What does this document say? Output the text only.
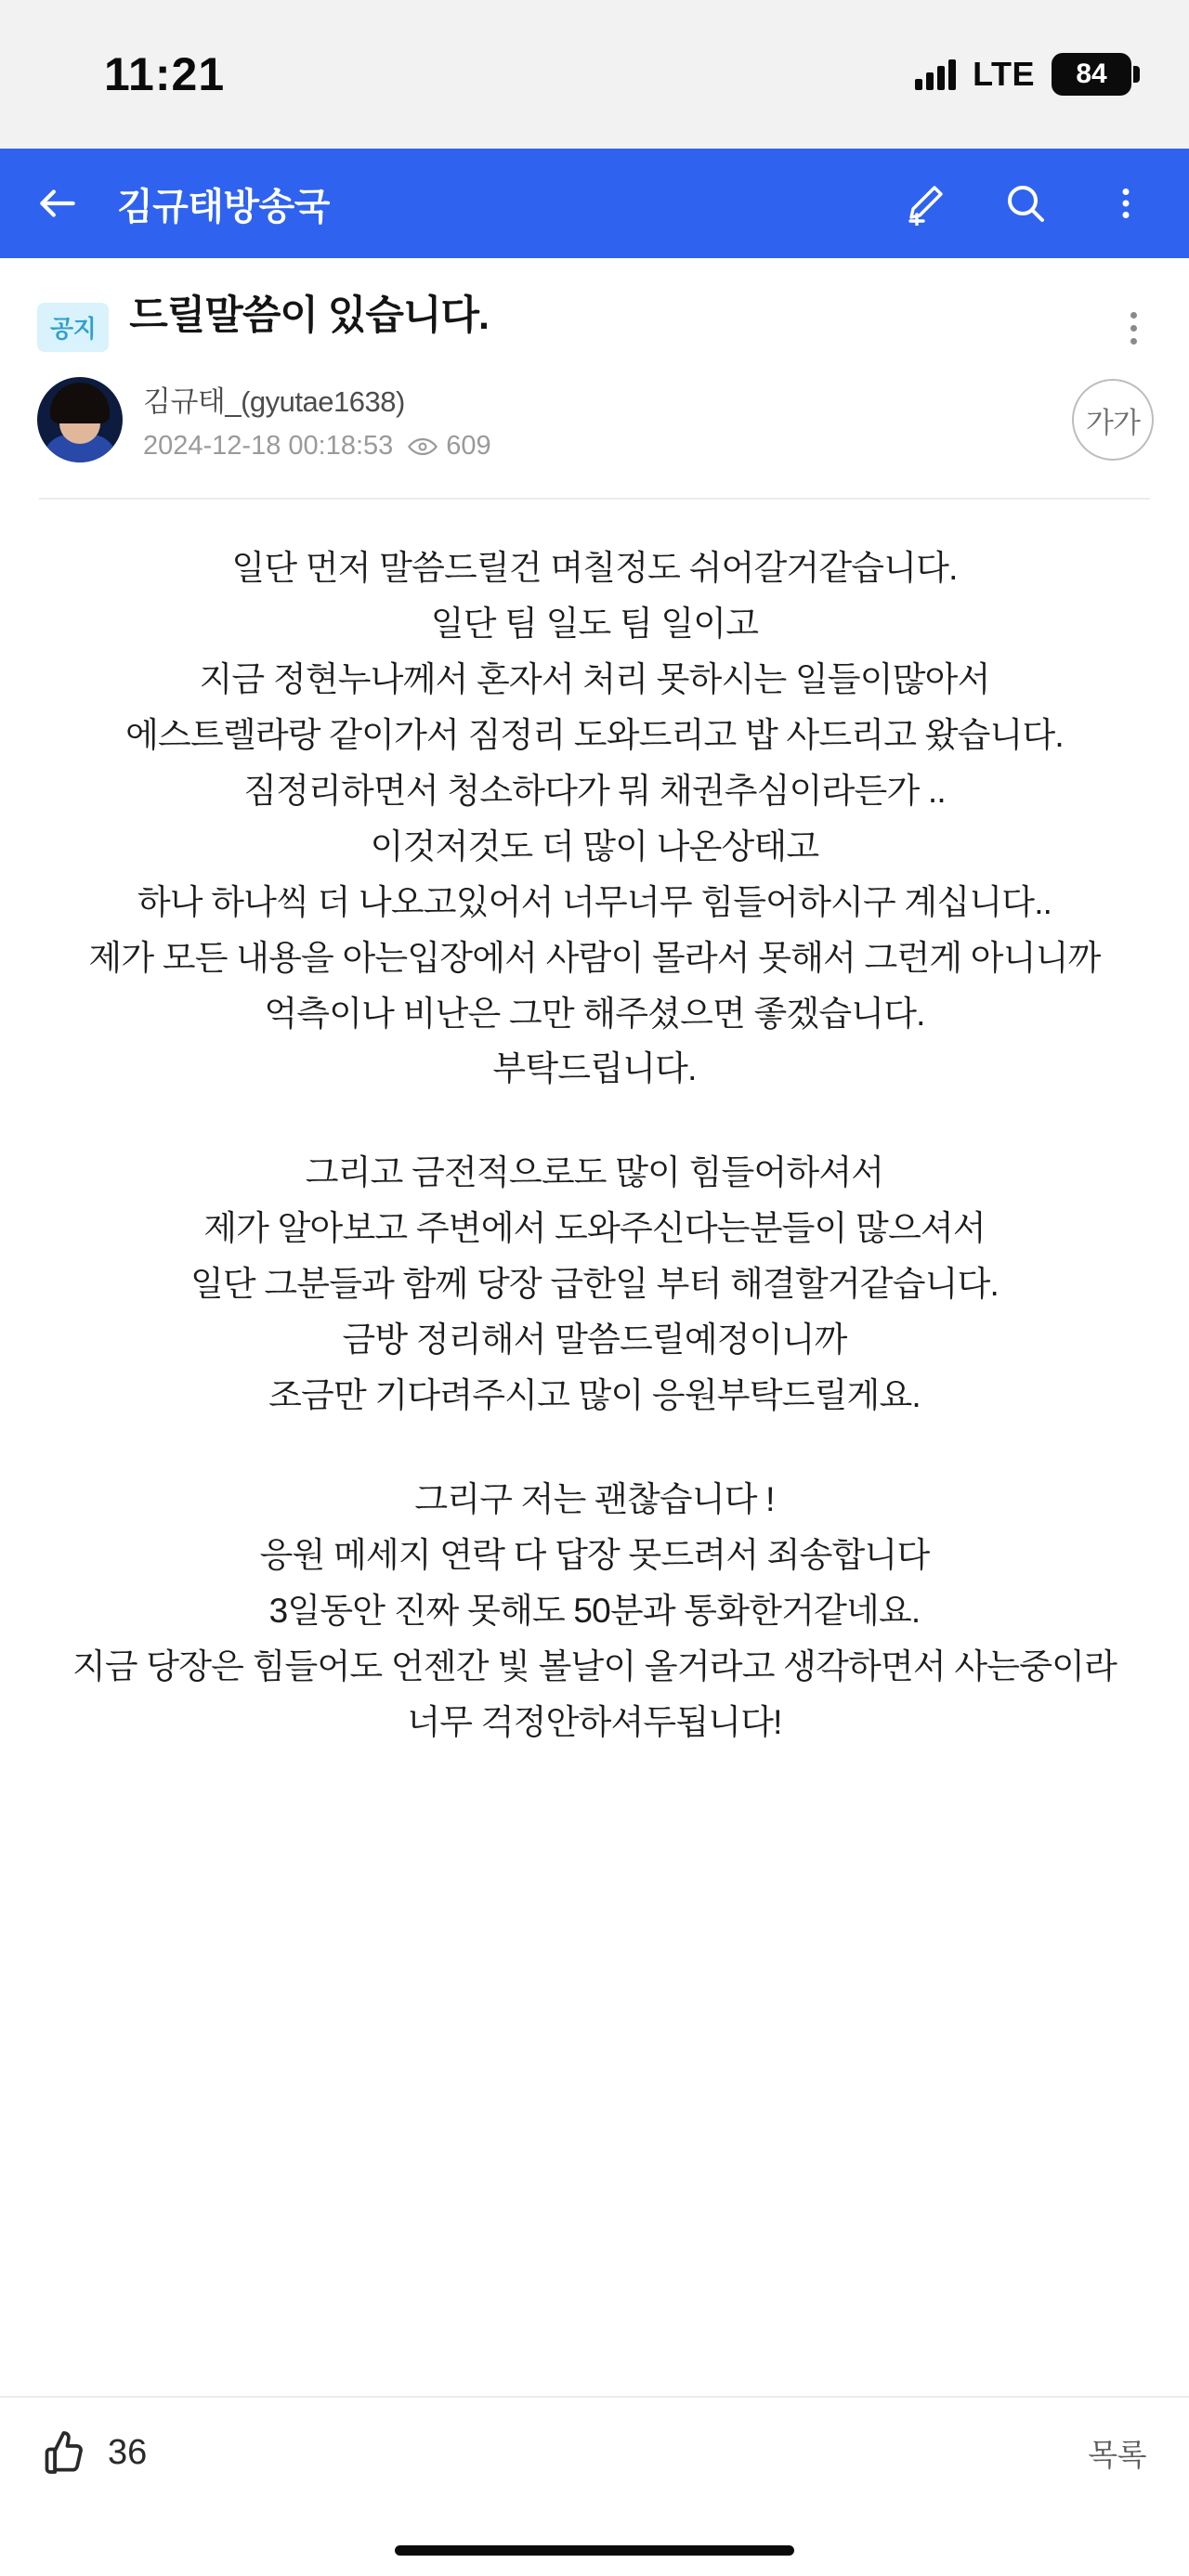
11:21	LTE 84
김규태방송국
공지 드릴말씀이 있습니다.
김규태_(gyutae1638)
2024-12-18 00:18:53 609
가가

일단 먼저 말씀드릴건 며칠정도 쉬어갈거같습니다.

일단 팀 일도 팀 일이고

지금 정현누나께서 혼자서 처리 못하시는 일들이많아서

에스트렐라랑 같이가서 짐정리 도와드리고 밥 사드리고 왔습니다.

짐정리하면서 청소하다가 뭐 채권추심이라든가 ..

이것저것도 더 많이 나온상태고

하나 하나씩 더 나오고있어서 너무너무 힘들어하시구 계십니다..

제가 모든 내용을 아는입장에서 사람이 몰라서 못해서 그런게 아니니까

억측이나 비난은 그만 해주셨으면 좋겠습니다.

부탁드립니다.

그리고 금전적으로도 많이 힘들어하셔서

제가 알아보고 주변에서 도와주신다는분들이 많으셔서

일단 그분들과 함께 당장 급한일 부터 해결할거같습니다.

금방 정리해서 말씀드릴예정이니까

조금만 기다려주시고 많이 응원부탁드릴게요.

그리구 저는 괜찮습니다 !

응원 메세지 연락 다 답장 못드려서 죄송합니다

3일동안 진짜 못해도 50분과 통화한거같네요.

지금 당장은 힘들어도 언젠간 빛 볼날이 올거라고 생각하면서 사는중이라

너무 걱정안하셔두됩니다!

36	목록
